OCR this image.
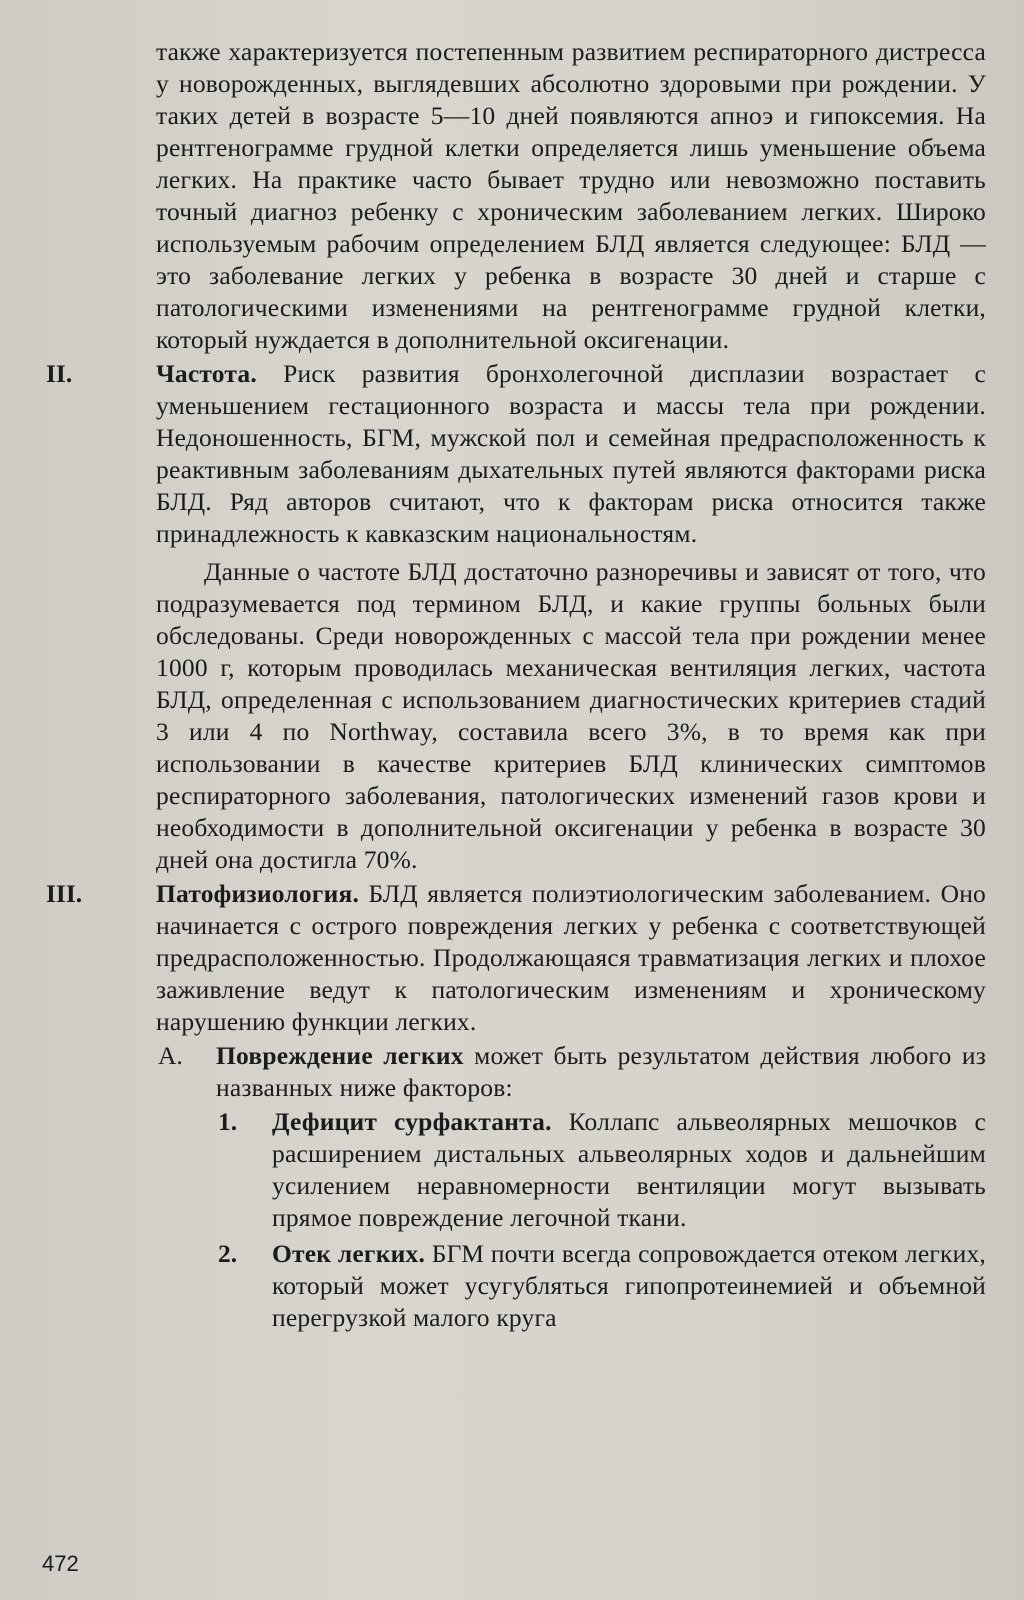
также характеризуется постепенным развитием респираторного дистресса у новорожденных, выглядевших абсолютно здоровыми при рождении. У таких детей в возрасте 5—10 дней появляются апноэ и гипоксемия. На рентгенограмме грудной клетки определяется лишь уменьшение объема легких. На практике часто бывает трудно или невозможно поставить точный диагноз ребенку с хроническим заболеванием легких. Широко используемым рабочим определением БЛД является следующее: БЛД — это заболевание легких у ребенка в возрасте 30 дней и старше с патологическими изменениями на рентгенограмме грудной клетки, который нуждается в дополнительной оксигенации.

II.	Частота. Риск развития бронхолегочной дисплазии возрастает с уменьшением гестационного возраста и массы тела при рождении. Недоношенность, БГМ, мужской пол и семейная предрасположенность к реактивным заболеваниям дыхательных путей являются факторами риска БЛД. Ряд авторов считают, что к факторам риска относится также принадлежность к кавказским национальностям.

Данные о частоте БЛД достаточно разноречивы и зависят от того, что подразумевается под термином БЛД, и какие группы больных были обследованы. Среди новорожденных с массой тела при рождении менее 1000 г, которым проводилась механическая вентиляция легких, частота БЛД, определенная с использованием диагностических критериев стадий 3 или 4 по Northway, составила всего 3%, в то время как при использовании в качестве критериев БЛД клинических симптомов респираторного заболевания, патологических изменений газов крови и необходимости в дополнительной оксигенации у ребенка в возрасте 30 дней она достигла 70%.

III.	Патофизиология. БЛД является полиэтиологическим заболеванием. Оно начинается с острого повреждения легких у ребенка с соответствующей предрасположенностью. Продолжающаяся травматизация легких и плохое заживление ведут к патологическим изменениям и хроническому нарушению функции легких.

А. Повреждение легких может быть результатом действия любого из названных ниже факторов:

1. Дефицит сурфактанта. Коллапс альвеолярных мешочков с расширением дистальных альвеолярных ходов и дальнейшим усилением неравномерности вентиляции могут вызывать прямое повреждение легочной ткани.

2. Отек легких. БГМ почти всегда сопровождается отеком легких, который может усугубляться гипопротеинемией и объемной перегрузкой малого круга

472
